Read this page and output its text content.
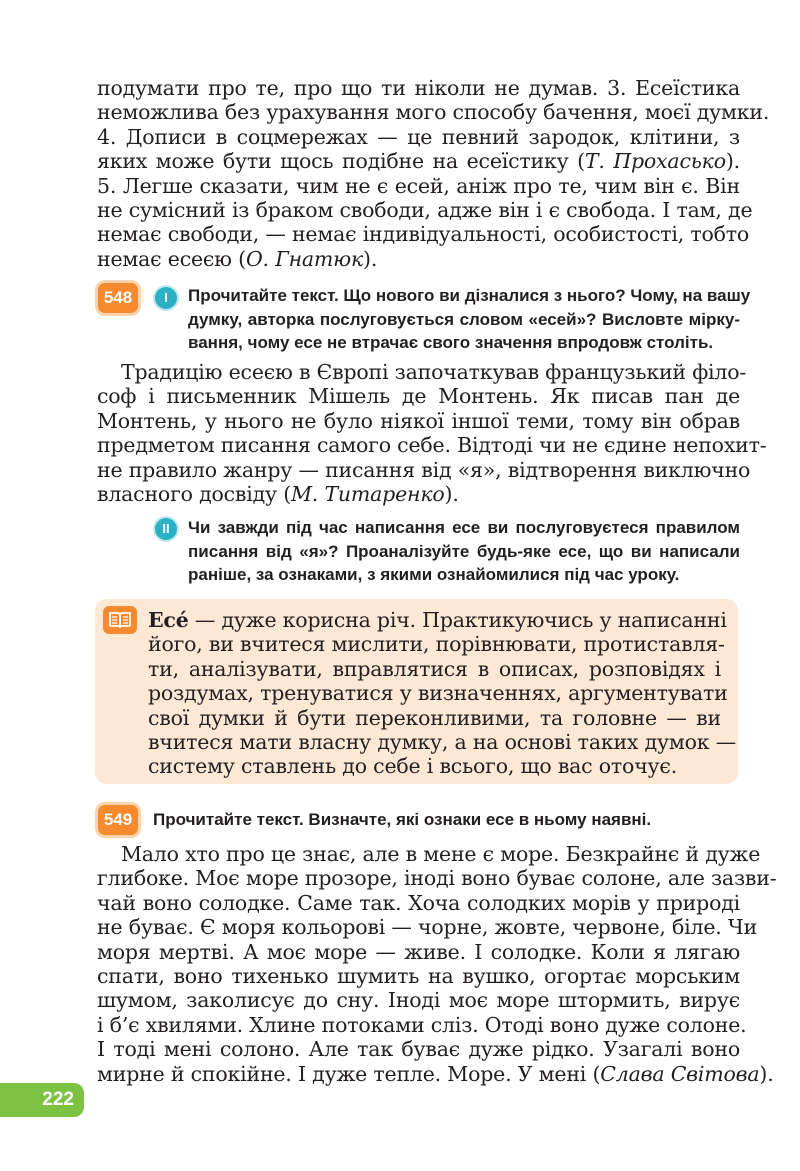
подумати про те, про що ти ніколи не думав. 3. Есеїстика
неможлива без урахування мого способу бачення, моєї думки.
4. Дописи в соцмережах — це певний зародок, клітини, з
яких може бути щось подібне на есеїстику (Т. Прохасько).
5. Легше сказати, чим не є есей, аніж про те, чим він є. Він
не сумісний із браком свободи, адже він і є свобода. І там, де
немає свободи, — немає індивідуальності, особистості, тобто
немає есеєю (О. Гнатюк).
548	I	Прочитайте текст. Що нового ви дізналися з нього? Чому, на вашу
думку, авторка послуговується словом «есей»? Висловте мірку-
вання, чому есе не втрачає свого значення впродовж століть.
Традицію есеєю в Європі започаткував французький філо-
соф і письменник Мішель де Монтень. Як писав пан де
Монтень, у нього не було ніякої іншої теми, тому він обрав
предметом писання самого себе. Відтоді чи не єдине непохит-
не правило жанру — писання від «я», відтворення виключно
власного досвіду (М. Титаренко).
II	Чи завжди під час написання есе ви послуговуєтеся правилом
писання від «я»? Проаналізуйте будь-яке есе, що ви написали
раніше, за ознаками, з якими ознайомилися під час уроку.
Есе́ — дуже корисна річ. Практикуючись у написанні
його, ви вчитеся мислити, порівнювати, протиставля-
ти, аналізувати, вправлятися в описах, розповідях і
роздумах, тренуватися у визначеннях, аргументувати
свої думки й бути переконливими, та головне — ви
вчитеся мати власну думку, а на основі таких думок —
систему ставлень до себе і всього, що вас оточує.
549	Прочитайте текст. Визначте, які ознаки есе в ньому наявні.
Мало хто про це знає, але в мене є море. Безкрайнє й дуже
глибоке. Моє море прозоре, іноді воно буває солоне, але зазви-
чай воно солодке. Саме так. Хоча солодких морів у природі
не буває. Є моря кольорові — чорне, жовте, червоне, біле. Чи
моря мертві. А моє море — живе. І солодке. Коли я лягаю
спати, воно тихенько шумить на вушко, огортає морським
шумом, заколисує до сну. Іноді моє море штормить, вирує
і б’є хвилями. Хлине потоками сліз. Отоді воно дуже солоне.
І тоді мені солоно. Але так буває дуже рідко. Узагалі воно
мирне й спокійне. І дуже тепле. Море. У мені (Слава Світова).
222
